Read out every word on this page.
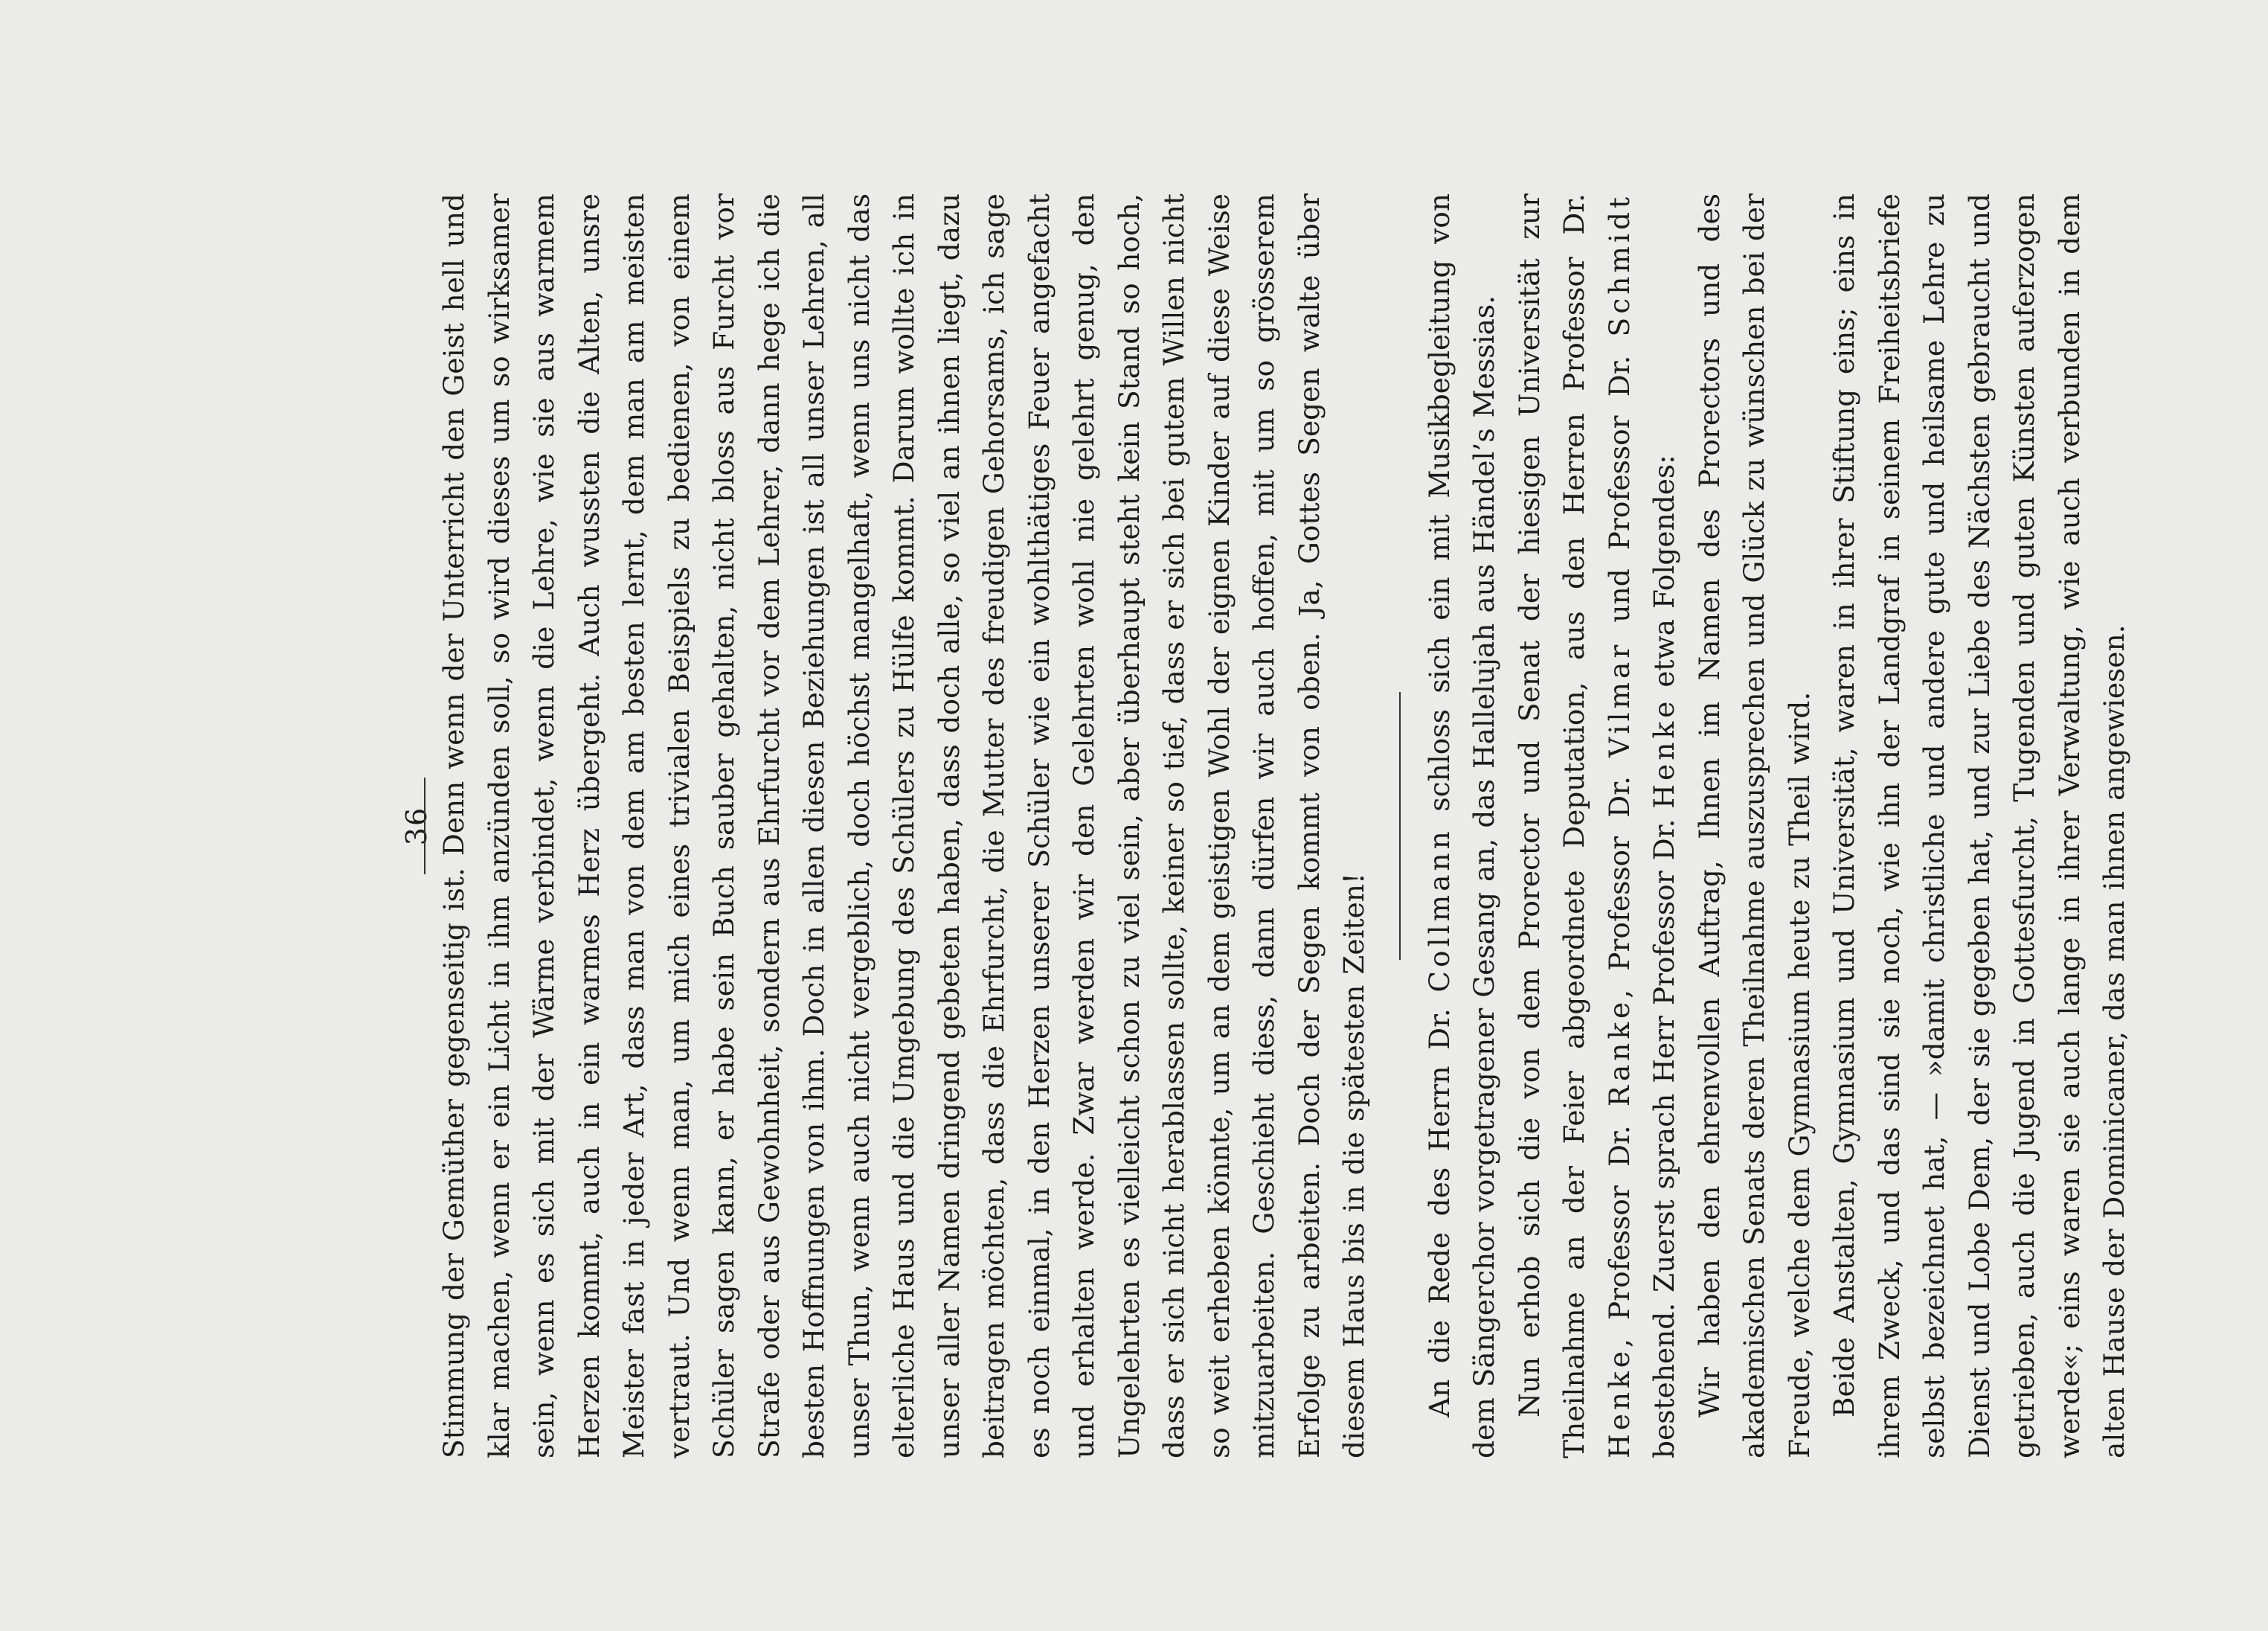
36 Stimmung der Gemüther gegenseitig ist. Denn wenn der Unterricht den Geist hell und klar machen, wenn er ein Licht in ihm anzünden soll, so wird dieses um so wirksamer sein, wenn es sich mit der Wärme verbindet, wenn die Lehre, wie sie aus warmem Herzen kommt, auch in ein warmes Herz übergeht. Auch wussten die Alten, unsre Meister fast in jeder Art, dass man von dem am besten lernt, dem man am meisten vertraut. Und wenn man, um mich eines trivialen Beispiels zu bedienen, von einem Schüler sagen kann, er habe sein Buch sauber gehalten, nicht bloss aus Furcht vor Strafe oder aus Gewohnheit, sondern aus Ehrfurcht vor dem Lehrer, dann hege ich die besten Hoffnungen von ihm. Doch in allen diesen Beziehungen ist all unser Lehren, all unser Thun, wenn auch nicht vergeblich, doch höchst mangelhaft, wenn uns nicht das elterliche Haus und die Umgebung des Schülers zu Hülfe kommt. Darum wollte ich in unser aller Namen dringend gebeten haben, dass doch alle, so viel an ihnen liegt, dazu beitragen möchten, dass die Ehrfurcht, die Mutter des freudigen Gehorsams, ich sage es noch einmal, in den Herzen unserer Schüler wie ein wohlthätiges Feuer angefacht und erhalten werde. Zwar werden wir den Gelehrten wohl nie gelehrt genug, den Ungelehrten es vielleicht schon zu viel sein, aber überhaupt steht kein Stand so hoch, dass er sich nicht herablassen sollte, keiner so tief, dass er sich bei gutem Willen nicht so weit erheben könnte, um an dem geistigen Wohl der eignen Kinder auf diese Weise mitzuarbeiten. Geschieht diess, dann dürfen wir auch hoffen, mit um so grösserem Erfolge zu arbeiten. Doch der Segen kommt von oben. Ja, Gottes Segen walte über diesem Haus bis in die spätesten Zeiten! An die Rede des Herrn Dr. Collmann schloss sich ein mit Musikbegleitung von dem Sängerchor vorgetragener Gesang an, das Hallelujah aus Händel’s Messias. Nun erhob sich die von dem Prorector und Senat der hiesigen Universität zur Theilnahme an der Feier abgeordnete Deputation, aus den Herren Professor Dr. Henke, Professor Dr. Ranke, Professor Dr. Vilmar und Professor Dr. Schmidt bestehend. Zuerst sprach Herr Professor Dr. Henke etwa Folgendes: Wir haben den ehrenvollen Auftrag, Ihnen im Namen des Prorectors und des akademischen Senats deren Theilnahme auszusprechen und Glück zu wünschen bei der Freude, welche dem Gymnasium heute zu Theil wird. Beide Anstalten, Gymnasium und Universität, waren in ihrer Stiftung eins; eins in ihrem Zweck, und das sind sie noch, wie ihn der Landgraf in seinem Freiheitsbriefe selbst bezeichnet hat, — »damit christliche und andere gute und heilsame Lehre zu Dienst und Lobe Dem, der sie gegeben hat, und zur Liebe des Nächsten gebraucht und getrieben, auch die Jugend in Gottesfurcht, Tugenden und guten Künsten auferzogen werde«; eins waren sie auch lange in ihrer Verwaltung, wie auch verbunden in dem alten Hause der Dominicaner, das man ihnen angewiesen.
